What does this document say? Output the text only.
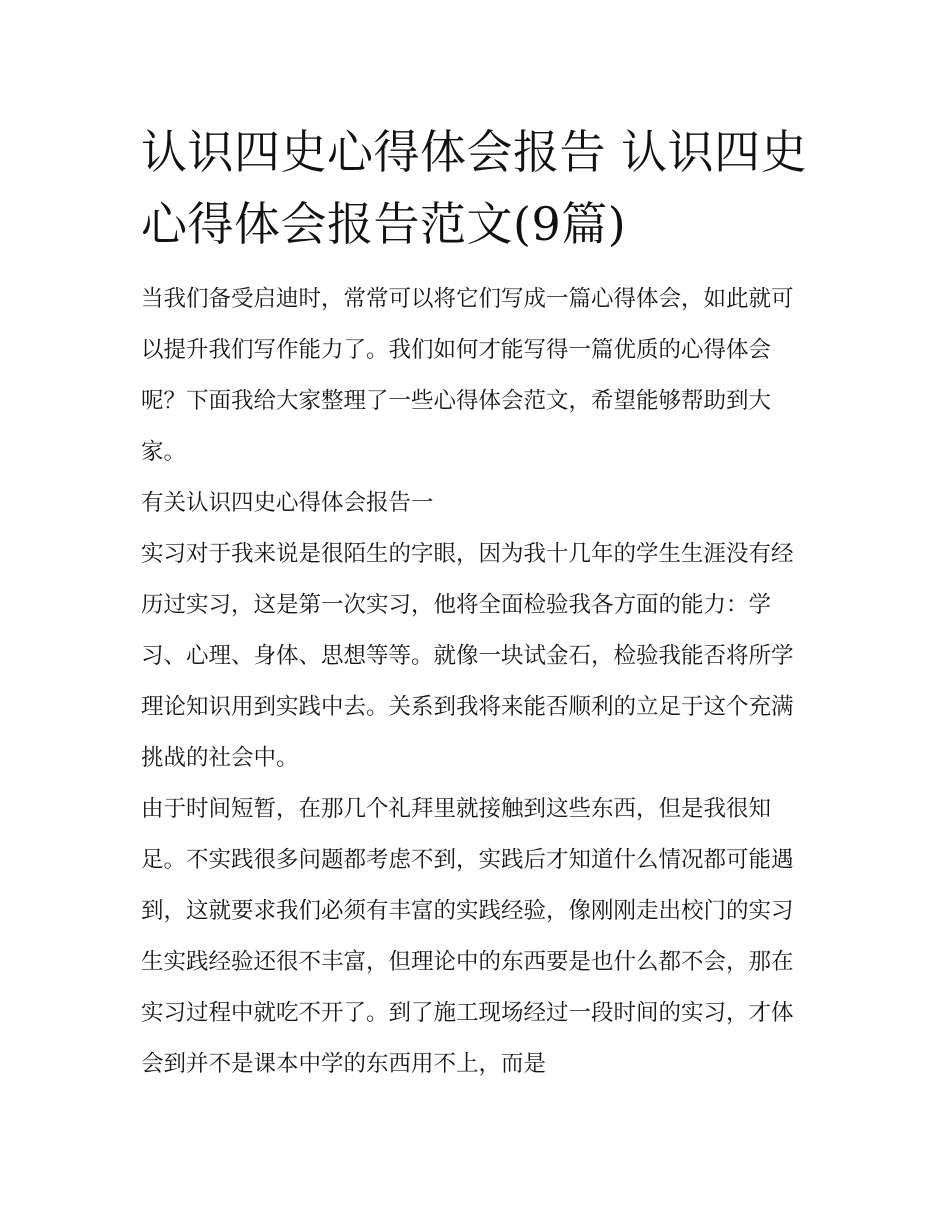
认识四史心得体会报告 认识四史心得体会报告范文(9篇)

当我们备受启迪时，常常可以将它们写成一篇心得体会，如此就可以提升我们写作能力了。我们如何才能写得一篇优质的心得体会呢？下面我给大家整理了一些心得体会范文，希望能够帮助到大家。

有关认识四史心得体会报告一

实习对于我来说是很陌生的字眼，因为我十几年的学生生涯没有经历过实习，这是第一次实习，他将全面检验我各方面的能力：学习、心理、身体、思想等等。就像一块试金石，检验我能否将所学理论知识用到实践中去。关系到我将来能否顺利的立足于这个充满挑战的社会中。

由于时间短暂，在那几个礼拜里就接触到这些东西，但是我很知足。不实践很多问题都考虑不到，实践后才知道什么情况都可能遇到，这就要求我们必须有丰富的实践经验，像刚刚走出校门的实习生实践经验还很不丰富，但理论中的东西要是也什么都不会，那在实习过程中就吃不开了。到了施工现场经过一段时间的实习，才体会到并不是课本中学的东西用不上，而是
